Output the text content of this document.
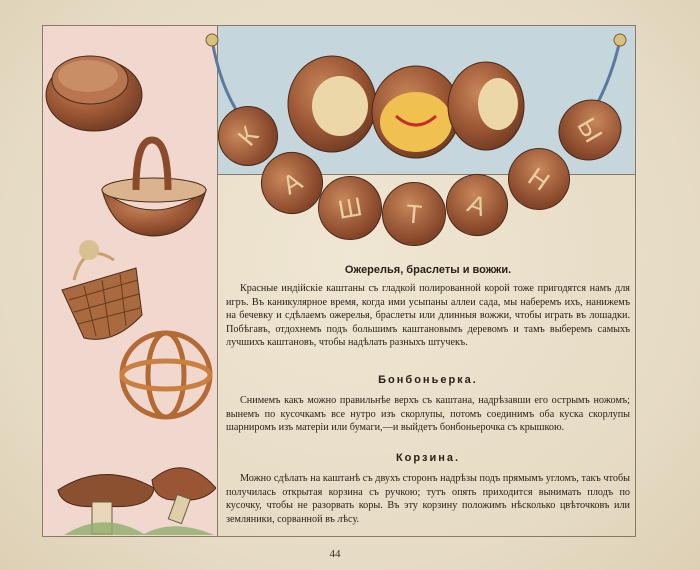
К
А
Ш Т А
Н
Ы
Ожерелья, браслеты и вожжи.

Красные индійскіе каштаны съ гладкой полированной корой тоже пригодятся намъ для игръ. Въ каникулярное время, когда ими усыпаны аллеи сада, мы наберемъ ихъ, нанижемъ на бечевку и сдѣлаемъ ожерелья, браслеты или длинныя вожжи, чтобы играть въ лошадки. Побѣгавъ, отдохнемъ подъ большимъ каштановымъ деревомъ и тамъ выберемъ самыхъ лучшихъ каштановъ, чтобы надѣлать разныхъ штучекъ.

Бонбоньерка.

Снимемъ какъ можно правильнѣе верхъ съ каштана, надрѣзавши его острымъ ножомъ; вынемъ по кусочкамъ все нутро изъ скорлупы, потомъ соединимъ оба куска скорлупы шарниромъ изъ матеріи или бумаги,—и выйдетъ бонбоньерочка съ крышкою.

Корзина.

Можно сдѣлать на каштанѣ съ двухъ сторонъ надрѣзы подъ прямымъ угломъ, такъ чтобы получилась открытая корзина съ ручкою; тутъ опять приходится вынимать плодъ по кусочку, чтобы не разорвать коры. Въ эту корзину положимъ нѣсколько цвѣточковъ или земляники, сорванной въ лѣсу.

44
